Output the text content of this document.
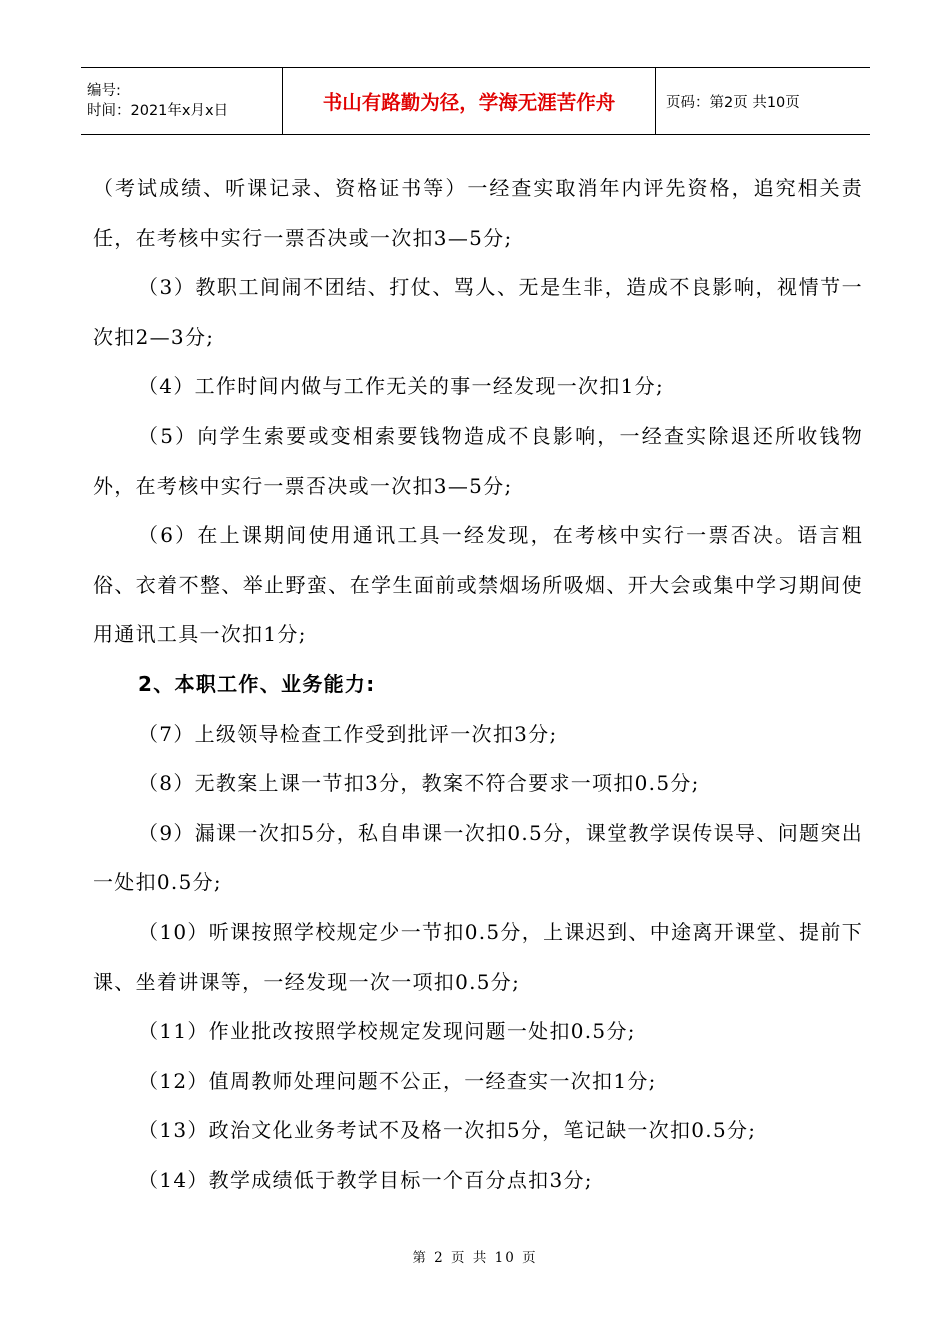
编号:
时间：2021年x月x日	书山有路勤为径，学海无涯苦作舟	页码：第2页 共10页

（考试成绩、听课记录、资格证书等）一经查实取消年内评先资格，追究相关责任，在考核中实行一票否决或一次扣3—5分;

（3）教职工间闹不团结、打仗、骂人、无是生非，造成不良影响，视情节一次扣2—3分;

（4）工作时间内做与工作无关的事一经发现一次扣1分;

（5）向学生索要或变相索要钱物造成不良影响，一经查实除退还所收钱物外，在考核中实行一票否决或一次扣3—5分;

（6）在上课期间使用通讯工具一经发现，在考核中实行一票否决。语言粗俗、衣着不整、举止野蛮、在学生面前或禁烟场所吸烟、开大会或集中学习期间使用通讯工具一次扣1分;

2、本职工作、业务能力:

（7）上级领导检查工作受到批评一次扣3分;

（8）无教案上课一节扣3分，教案不符合要求一项扣0.5分;

（9）漏课一次扣5分，私自串课一次扣0.5分，课堂教学误传误导、问题突出一处扣0.5分;

（10）听课按照学校规定少一节扣0.5分，上课迟到、中途离开课堂、提前下课、坐着讲课等，一经发现一次一项扣0.5分;

（11）作业批改按照学校规定发现问题一处扣0.5分;

（12）值周教师处理问题不公正，一经查实一次扣1分;

（13）政治文化业务考试不及格一次扣5分，笔记缺一次扣0.5分;

（14）教学成绩低于教学目标一个百分点扣3分;

第 2 页 共 10 页
